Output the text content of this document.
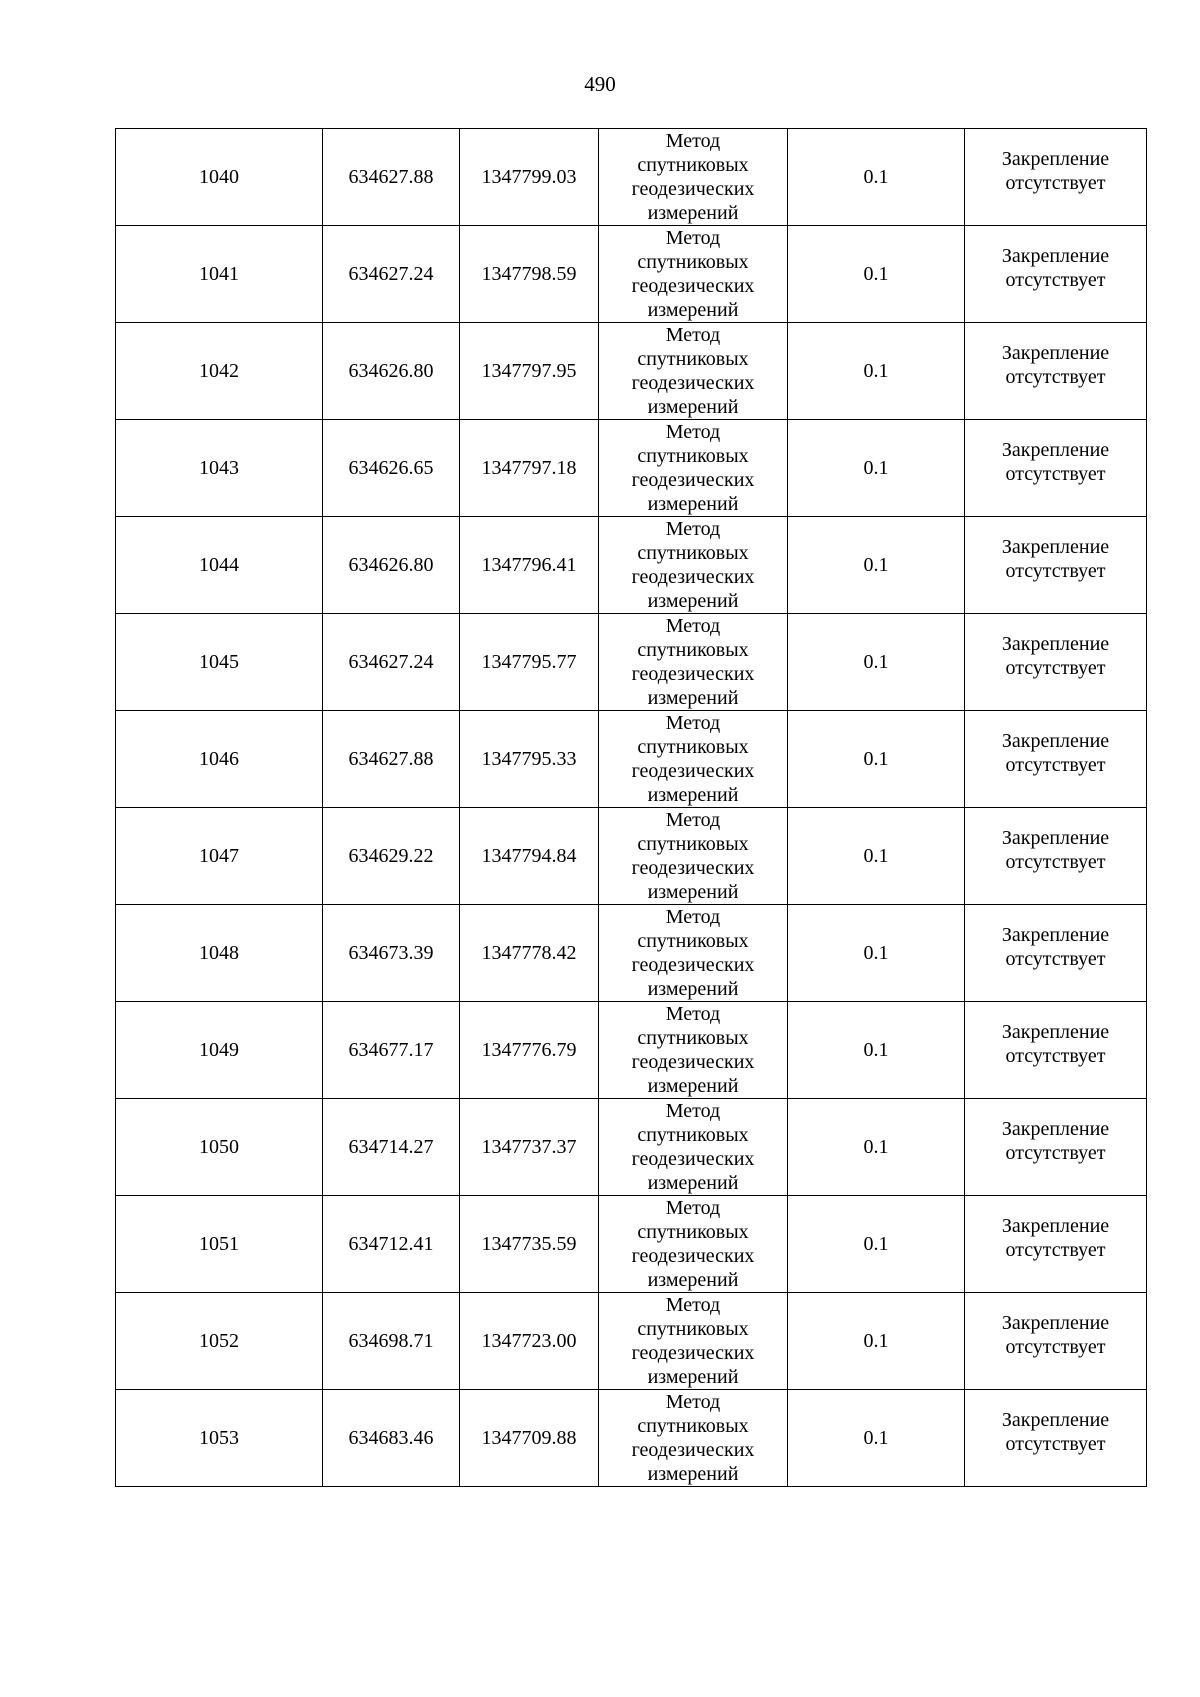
490
1040	634627.88	1347799.03	Метод
спутниковых
геодезических
измерений	0.1	Закрепление
отсутствует

1041	634627.24	1347798.59	Метод
спутниковых
геодезических
измерений	0.1	Закрепление
отсутствует

1042	634626.80	1347797.95	Метод
спутниковых
геодезических
измерений	0.1	Закрепление
отсутствует

1043	634626.65	1347797.18	Метод
спутниковых
геодезических
измерений	0.1	Закрепление
отсутствует

1044	634626.80	1347796.41	Метод
спутниковых
геодезических
измерений	0.1	Закрепление
отсутствует

1045	634627.24	1347795.77	Метод
спутниковых
геодезических
измерений	0.1	Закрепление
отсутствует

1046	634627.88	1347795.33	Метод
спутниковых
геодезических
измерений	0.1	Закрепление
отсутствует

1047	634629.22	1347794.84	Метод
спутниковых
геодезических
измерений	0.1	Закрепление
отсутствует

1048	634673.39	1347778.42	Метод
спутниковых
геодезических
измерений	0.1	Закрепление
отсутствует

1049	634677.17	1347776.79	Метод
спутниковых
геодезических
измерений	0.1	Закрепление
отсутствует

1050	634714.27	1347737.37	Метод
спутниковых
геодезических
измерений	0.1	Закрепление
отсутствует

1051	634712.41	1347735.59	Метод
спутниковых
геодезических
измерений	0.1	Закрепление
отсутствует

1052	634698.71	1347723.00	Метод
спутниковых
геодезических
измерений	0.1	Закрепление
отсутствует

1053	634683.46	1347709.88	Метод
спутниковых
геодезических
измерений	0.1	Закрепление
отсутствует
